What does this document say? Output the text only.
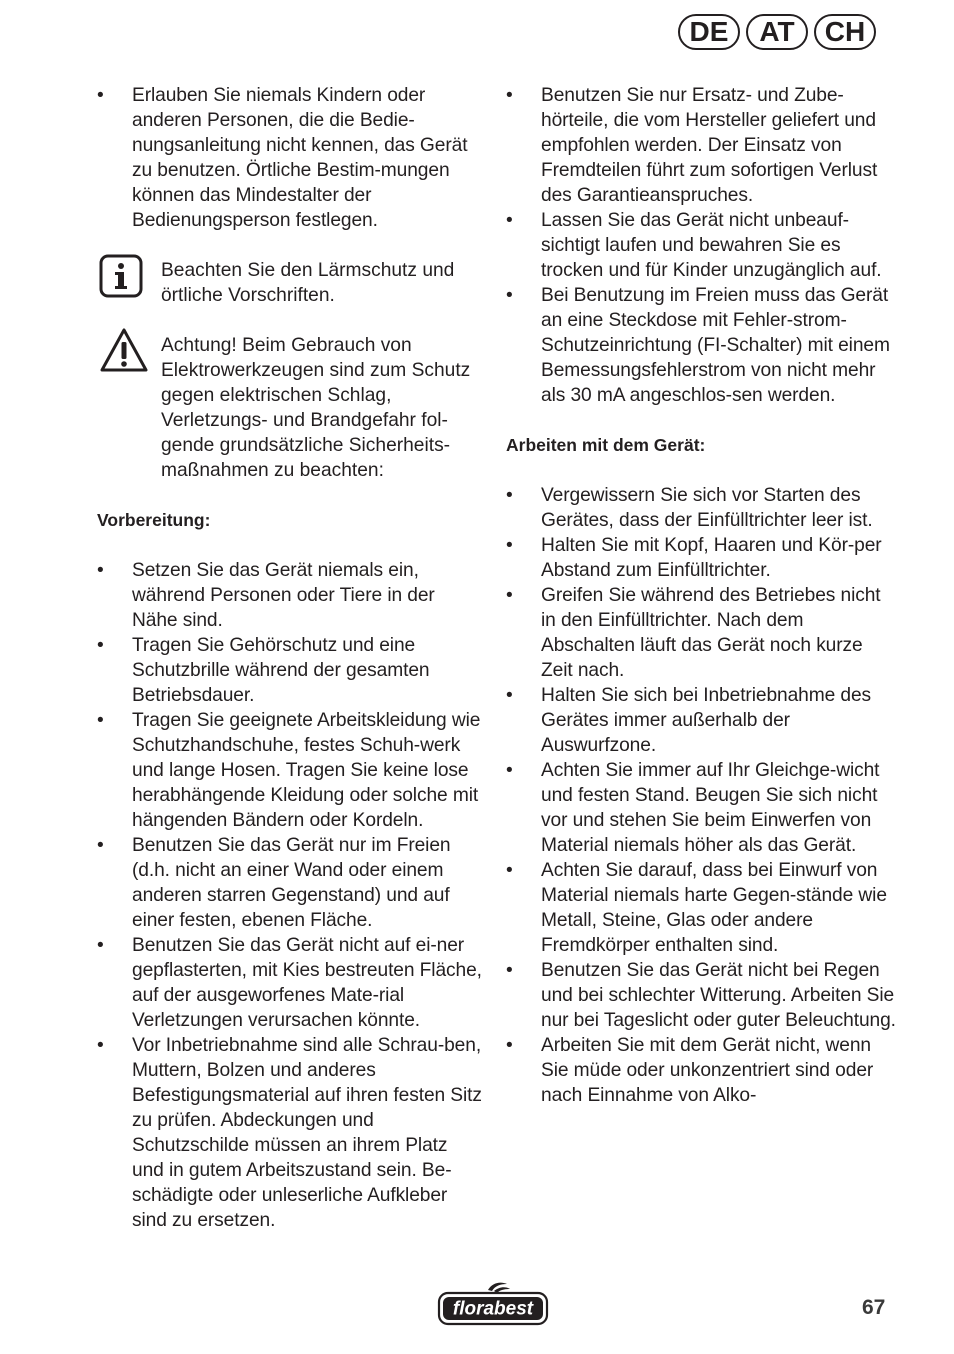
DE	AT	CH
• Erlauben Sie niemals Kindern oder anderen Personen, die die Bedie-nungsanleitung nicht kennen, das Gerät zu benutzen. Örtliche Bestim-mungen können das Mindestalter der Bedienungsperson festlegen.
Beachten Sie den Lärmschutz und örtliche Vorschriften.
Achtung! Beim Gebrauch von Elektrowerkzeugen sind zum Schutz gegen elektrischen Schlag, Verletzungs- und Brandgefahr fol-gende grundsätzliche Sicherheits-maßnahmen zu beachten:

Vorbereitung:

• Setzen Sie das Gerät niemals ein, während Personen oder Tiere in der Nähe sind.
• Tragen Sie Gehörschutz und eine Schutzbrille während der gesamten Betriebsdauer.
• Tragen Sie geeignete Arbeitskleidung wie Schutzhandschuhe, festes Schuh-werk und lange Hosen. Tragen Sie keine lose herabhängende Kleidung oder solche mit hängenden Bändern oder Kordeln.
• Benutzen Sie das Gerät nur im Freien (d.h. nicht an einer Wand oder einem anderen starren Gegenstand) und auf einer festen, ebenen Fläche.
• Benutzen Sie das Gerät nicht auf ei-ner gepflasterten, mit Kies bestreuten Fläche, auf der ausgeworfenes Mate-rial Verletzungen verursachen könnte.
• Vor Inbetriebnahme sind alle Schrau-ben, Muttern, Bolzen und anderes Befestigungsmaterial auf ihren festen Sitz zu prüfen. Abdeckungen und Schutzschilde müssen an ihrem Platz und in gutem Arbeitszustand sein. Be-schädigte oder unleserliche Aufkleber sind zu ersetzen.
• Benutzen Sie nur Ersatz- und Zube-hörteile, die vom Hersteller geliefert und empfohlen werden. Der Einsatz von Fremdteilen führt zum sofortigen Verlust des Garantieanspruches.
• Lassen Sie das Gerät nicht unbeauf-sichtigt laufen und bewahren Sie es trocken und für Kinder unzugänglich auf.
• Bei Benutzung im Freien muss das Gerät an eine Steckdose mit Fehler-strom-Schutzeinrichtung (FI-Schalter) mit einem Bemessungsfehlerstrom von nicht mehr als 30 mA angeschlos-sen werden.

Arbeiten mit dem Gerät:

• Vergewissern Sie sich vor Starten des Gerätes, dass der Einfülltrichter leer ist.
• Halten Sie mit Kopf, Haaren und Kör-per Abstand zum Einfülltrichter.
• Greifen Sie während des Betriebes nicht in den Einfülltrichter. Nach dem Abschalten läuft das Gerät noch kurze Zeit nach.
• Halten Sie sich bei Inbetriebnahme des Gerätes immer außerhalb der Auswurfzone.
• Achten Sie immer auf Ihr Gleichge-wicht und festen Stand. Beugen Sie sich nicht vor und stehen Sie beim Einwerfen von Material niemals höher als das Gerät.
• Achten Sie darauf, dass bei Einwurf von Material niemals harte Gegen-stände wie Metall, Steine, Glas oder andere Fremdkörper enthalten sind.
• Benutzen Sie das Gerät nicht bei Regen und bei schlechter Witterung. Arbeiten Sie nur bei Tageslicht oder guter Beleuchtung.
• Arbeiten Sie mit dem Gerät nicht, wenn Sie müde oder unkonzentriert sind oder nach Einnahme von Alko-
florabest	67
